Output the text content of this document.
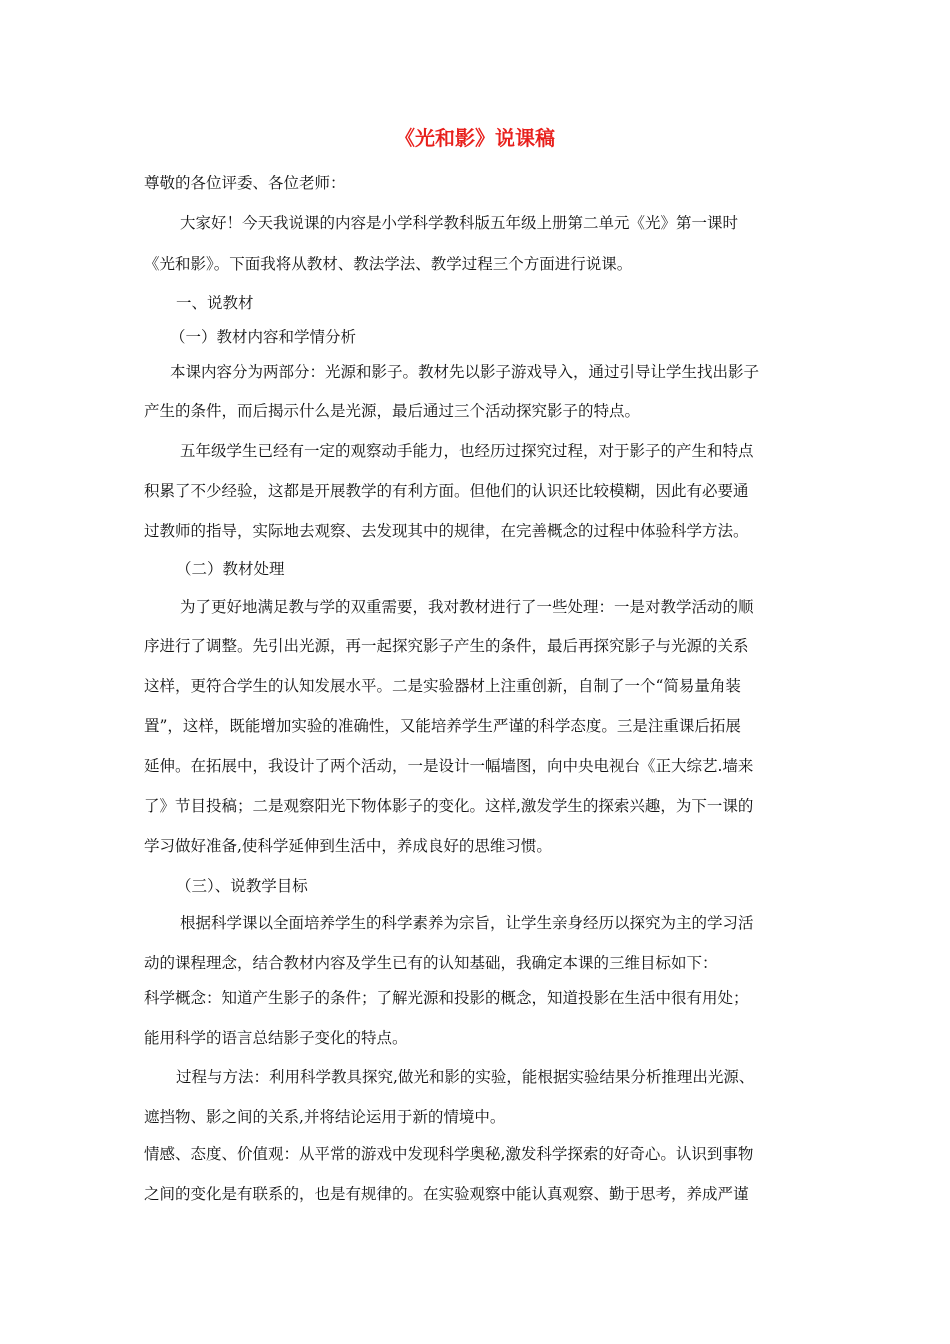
《光和影》说课稿
尊敬的各位评委、各位老师：
大家好！今天我说课的内容是小学科学教科版五年级上册第二单元《光》第一课时
《光和影》。下面我将从教材、教法学法、教学过程三个方面进行说课。
一、说教材
（一）教材内容和学情分析
本课内容分为两部分：光源和影子。教材先以影子游戏导入，通过引导让学生找出影子
产生的条件，而后揭示什么是光源，最后通过三个活动探究影子的特点。
五年级学生已经有一定的观察动手能力，也经历过探究过程，对于影子的产生和特点
积累了不少经验，这都是开展教学的有利方面。但他们的认识还比较模糊，因此有必要通
过教师的指导，实际地去观察、去发现其中的规律，在完善概念的过程中体验科学方法。
（二）教材处理
为了更好地满足教与学的双重需要，我对教材进行了一些处理：一是对教学活动的顺
序进行了调整。先引出光源，再一起探究影子产生的条件，最后再探究影子与光源的关系
这样，更符合学生的认知发展水平。二是实验器材上注重创新，自制了一个“简易量角装
置”，这样，既能增加实验的准确性，又能培养学生严谨的科学态度。三是注重课后拓展
延伸。在拓展中，我设计了两个活动，一是设计一幅墙图，向中央电视台《正大综艺.墙来
了》节目投稿；二是观察阳光下物体影子的变化。这样,激发学生的探索兴趣，为下一课的
学习做好准备,使科学延伸到生活中，养成良好的思维习惯。
（三）、说教学目标
根据科学课以全面培养学生的科学素养为宗旨，让学生亲身经历以探究为主的学习活
动的课程理念，结合教材内容及学生已有的认知基础，我确定本课的三维目标如下：
科学概念：知道产生影子的条件；了解光源和投影的概念，知道投影在生活中很有用处；
能用科学的语言总结影子变化的特点。
过程与方法：利用科学教具探究,做光和影的实验，能根据实验结果分析推理出光源、
遮挡物、影之间的关系,并将结论运用于新的情境中。
情感、态度、价值观：从平常的游戏中发现科学奥秘,激发科学探索的好奇心。认识到事物
之间的变化是有联系的，也是有规律的。在实验观察中能认真观察、勤于思考，养成严谨
